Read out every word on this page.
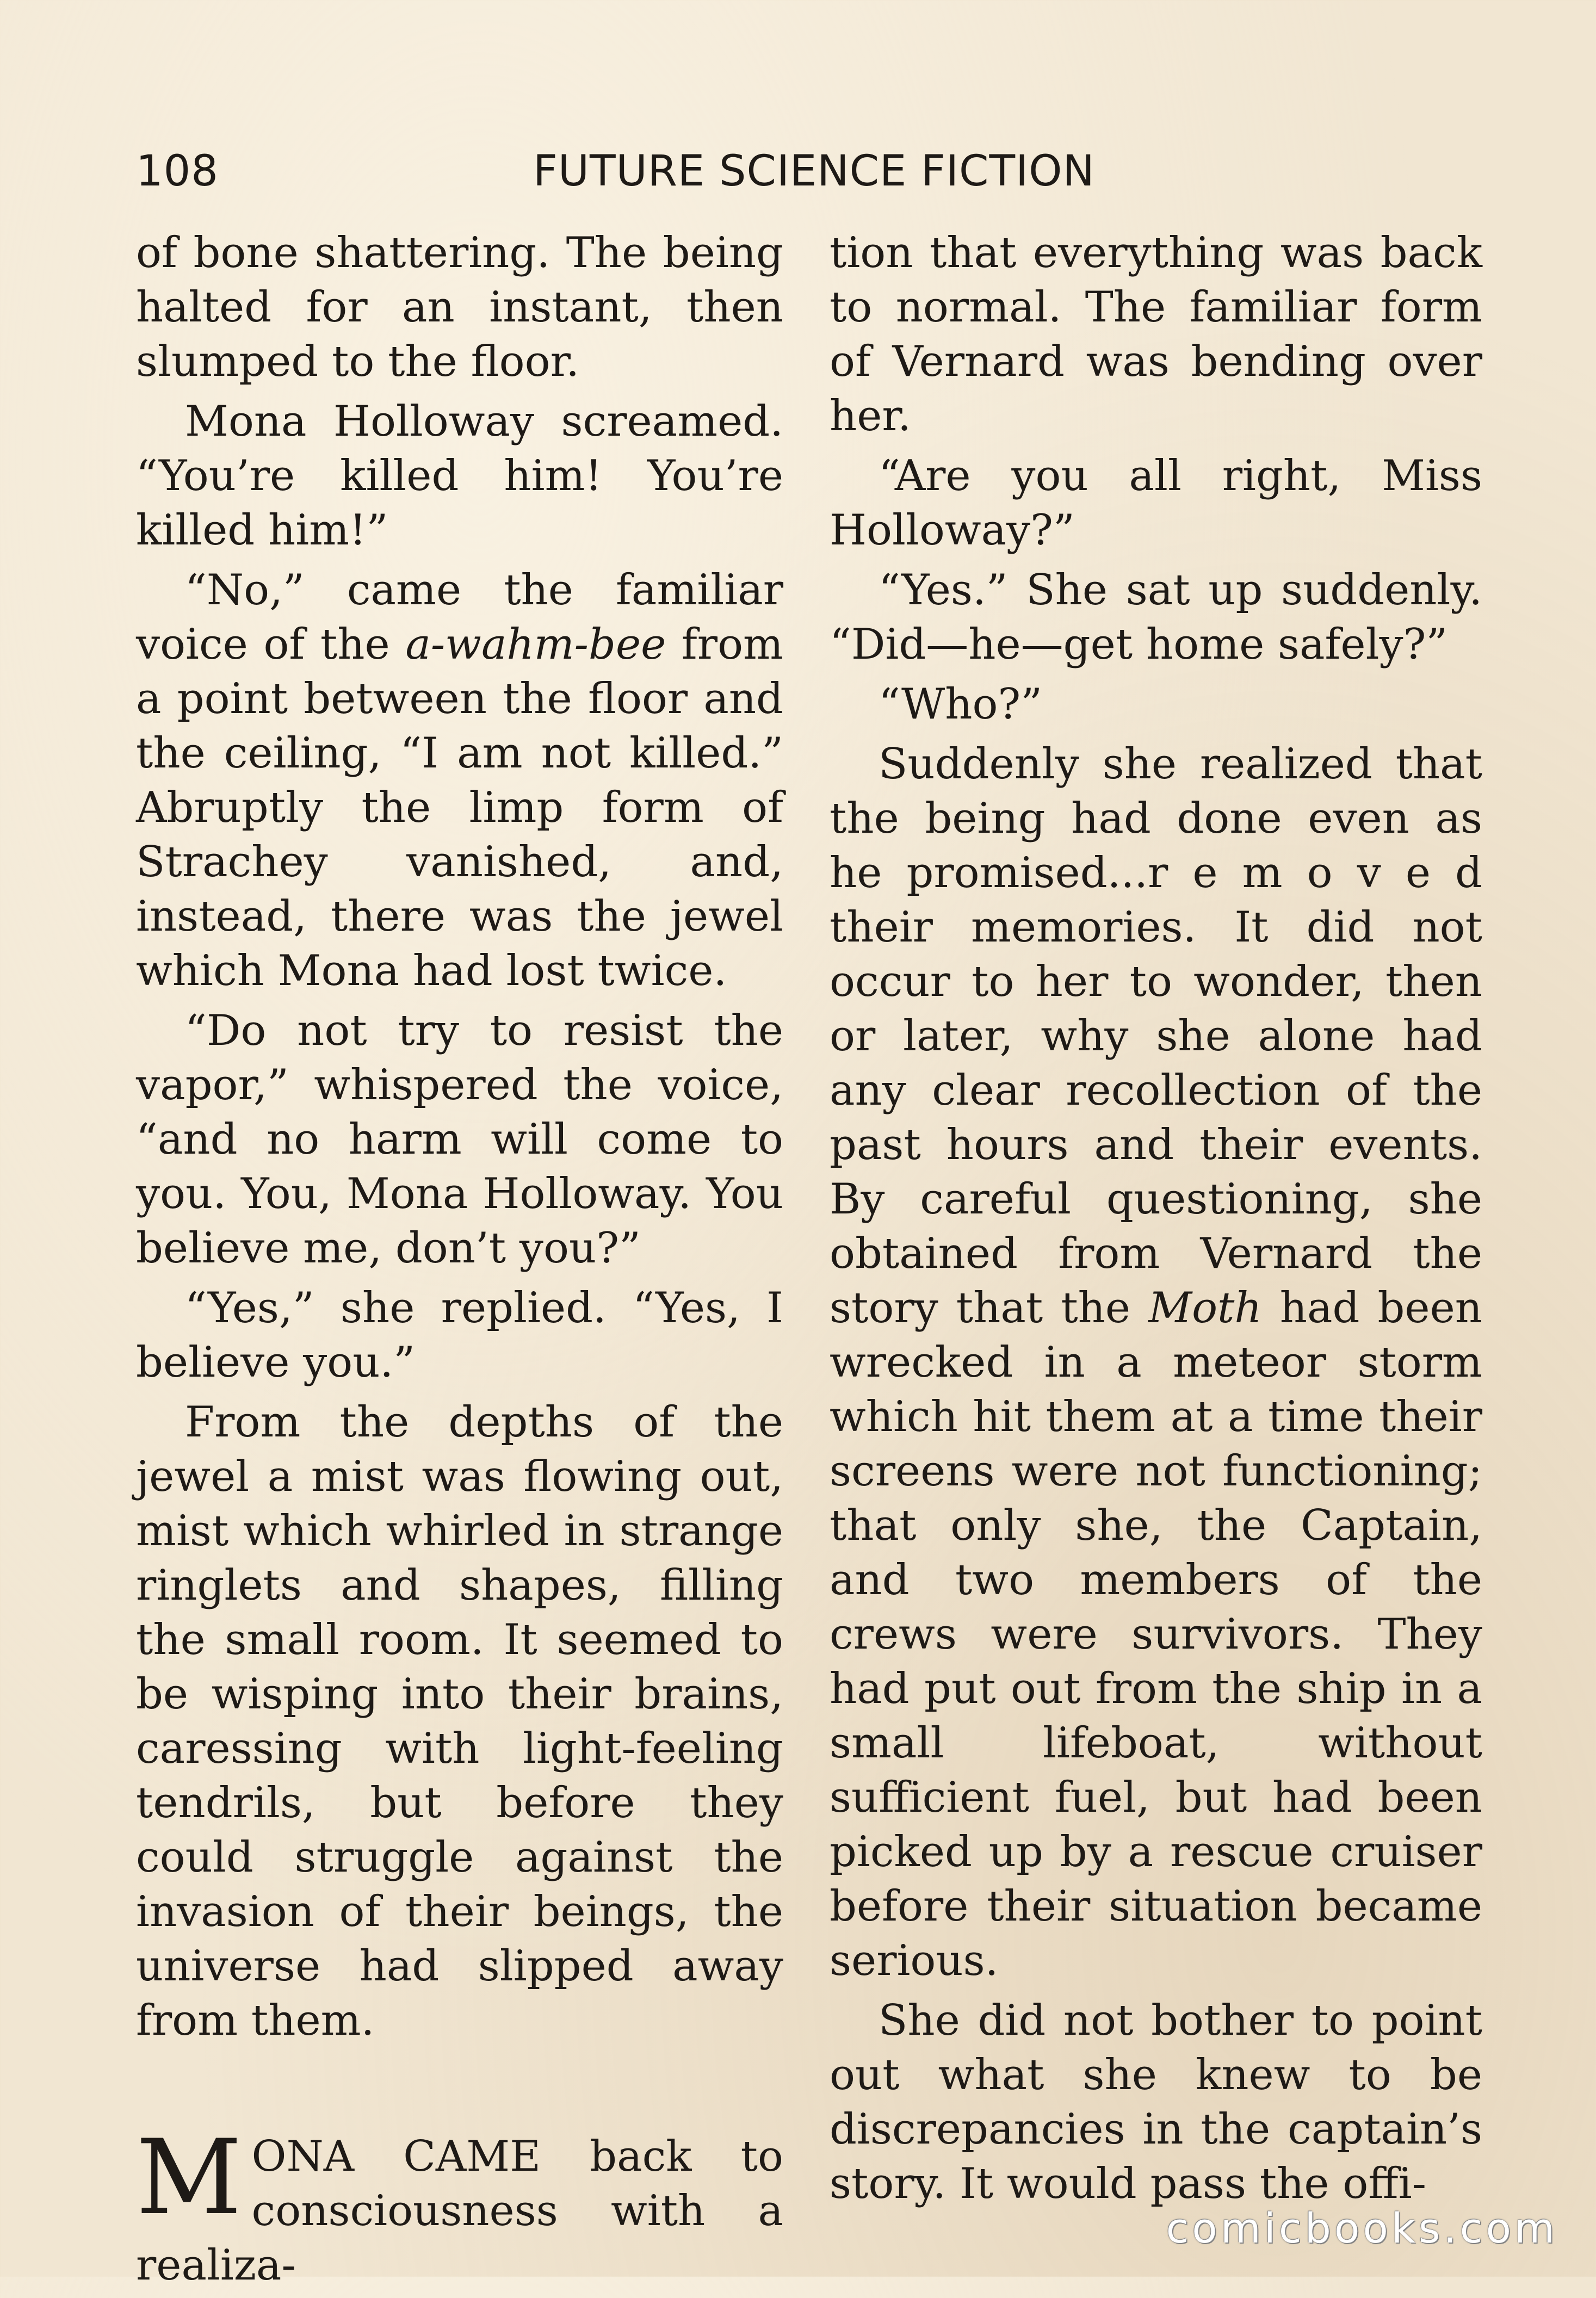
108	FUTURE SCIENCE FICTION

of bone shattering. The being halted for an instant, then slumped to the floor.

Mona Holloway screamed. “You’re killed him! You’re killed him!”

“No,” came the familiar voice of the a-wahm-bee from a point between the floor and the ceiling, “I am not killed.” Abruptly the limp form of Strachey vanished, and, instead, there was the jewel which Mona had lost twice.

“Do not try to resist the vapor,” whispered the voice, “and no harm will come to you. You, Mona Holloway. You believe me, don’t you?”

“Yes,” she replied. “Yes, I believe you.”

From the depths of the jewel a mist was flowing out, mist which whirled in strange ringlets and shapes, filling the small room. It seemed to be wisping into their brains, caressing with light-feeling tendrils, but before they could struggle against the invasion of their beings, the universe had slipped away from them.

MONA CAME back to consciousness with a realiza-

tion that everything was back to normal. The familiar form of Vernard was bending over her.

“Are you all right, Miss Holloway?”

“Yes.” She sat up suddenly. “Did—he—get home safely?”

“Who?”

Suddenly she realized that the being had done even as he promised...r e m o v e d their memories. It did not occur to her to wonder, then or later, why she alone had any clear recollection of the past hours and their events. By careful questioning, she obtained from Vernard the story that the Moth had been wrecked in a meteor storm which hit them at a time their screens were not functioning; that only she, the Captain, and two members of the crews were survivors. They had put out from the ship in a small lifeboat, without sufficient fuel, but had been picked up by a rescue cruiser before their situation became serious.

She did not bother to point out what she knew to be discrepancies in the captain’s story. It would pass the offi-

comicbooks.com
